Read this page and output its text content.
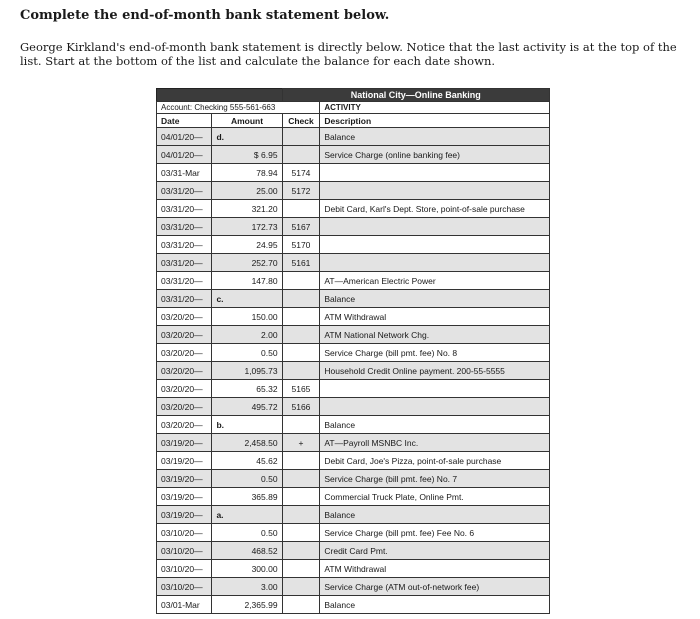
Complete the end-of-month bank statement below.
George Kirkland's end-of-month bank statement is directly below. Notice that the last activity is at the top of the list. Start at the bottom of the list and calculate the balance for each date shown.
		National City—Online Banking	
Account: Checking 555-561-663			ACTIVITY
Date	Amount	Check	Description
04/01/20—	d.		Balance
04/01/20—	$ 6.95		Service Charge (online banking fee)
03/31-Mar	78.94	5174	
03/31/20—	25.00	5172	
03/31/20—	321.20		Debit Card, Karl's Dept. Store, point-of-sale purchase
03/31/20—	172.73	5167	
03/31/20—	24.95	5170	
03/31/20—	252.70	5161	
03/31/20—	147.80		AT—American Electric Power
03/31/20—	c.		Balance
03/20/20—	150.00		ATM Withdrawal
03/20/20—	2.00		ATM National Network Chg.
03/20/20—	0.50		Service Charge (bill pmt. fee) No. 8
03/20/20—	1,095.73		Household Credit Online payment. 200-55-5555
03/20/20—	65.32	5165	
03/20/20—	495.72	5166	
03/20/20—	b.		Balance
03/19/20—	2,458.50	+	AT—Payroll MSNBC Inc.
03/19/20—	45.62		Debit Card, Joe's Pizza, point-of-sale purchase
03/19/20—	0.50		Service Charge (bill pmt. fee) No. 7
03/19/20—	365.89		Commercial Truck Plate, Online Pmt.
03/19/20—	a.		Balance
03/10/20—	0.50		Service Charge (bill pmt. fee) Fee No. 6
03/10/20—	468.52		Credit Card Pmt.
03/10/20—	300.00		ATM Withdrawal
03/10/20—	3.00		Service Charge (ATM out-of-network fee)
03/01-Mar	2,365.99		Balance
